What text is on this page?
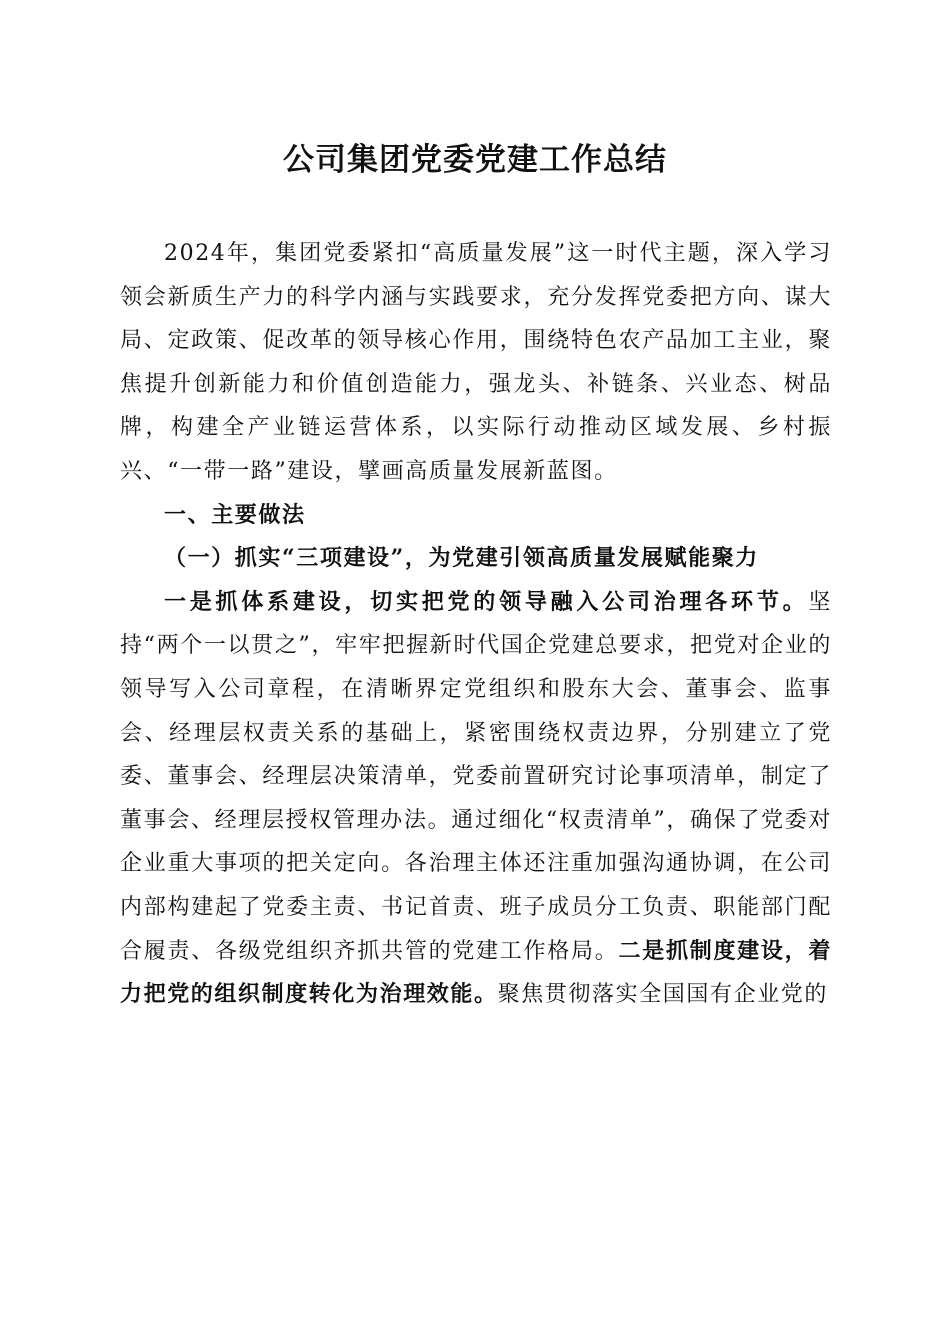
公司集团党委党建工作总结

2024年，集团党委紧扣“高质量发展”这一时代主题，深入学习领会新质生产力的科学内涵与实践要求，充分发挥党委把方向、谋大局、定政策、促改革的领导核心作用，围绕特色农产品加工主业，聚焦提升创新能力和价值创造能力，强龙头、补链条、兴业态、树品牌，构建全产业链运营体系，以实际行动推动区域发展、乡村振兴、“一带一路”建设，擘画高质量发展新蓝图。

一、主要做法

（一）抓实“三项建设”，为党建引领高质量发展赋能聚力

一是抓体系建设，切实把党的领导融入公司治理各环节。坚持“两个一以贯之”，牢牢把握新时代国企党建总要求，把党对企业的领导写入公司章程，在清晰界定党组织和股东大会、董事会、监事会、经理层权责关系的基础上，紧密围绕权责边界，分别建立了党委、董事会、经理层决策清单，党委前置研究讨论事项清单，制定了董事会、经理层授权管理办法。通过细化“权责清单”，确保了党委对企业重大事项的把关定向。各治理主体还注重加强沟通协调，在公司内部构建起了党委主责、书记首责、班子成员分工负责、职能部门配合履责、各级党组织齐抓共管的党建工作格局。二是抓制度建设，着力把党的组织制度转化为治理效能。聚焦贯彻落实全国国有企业党的
